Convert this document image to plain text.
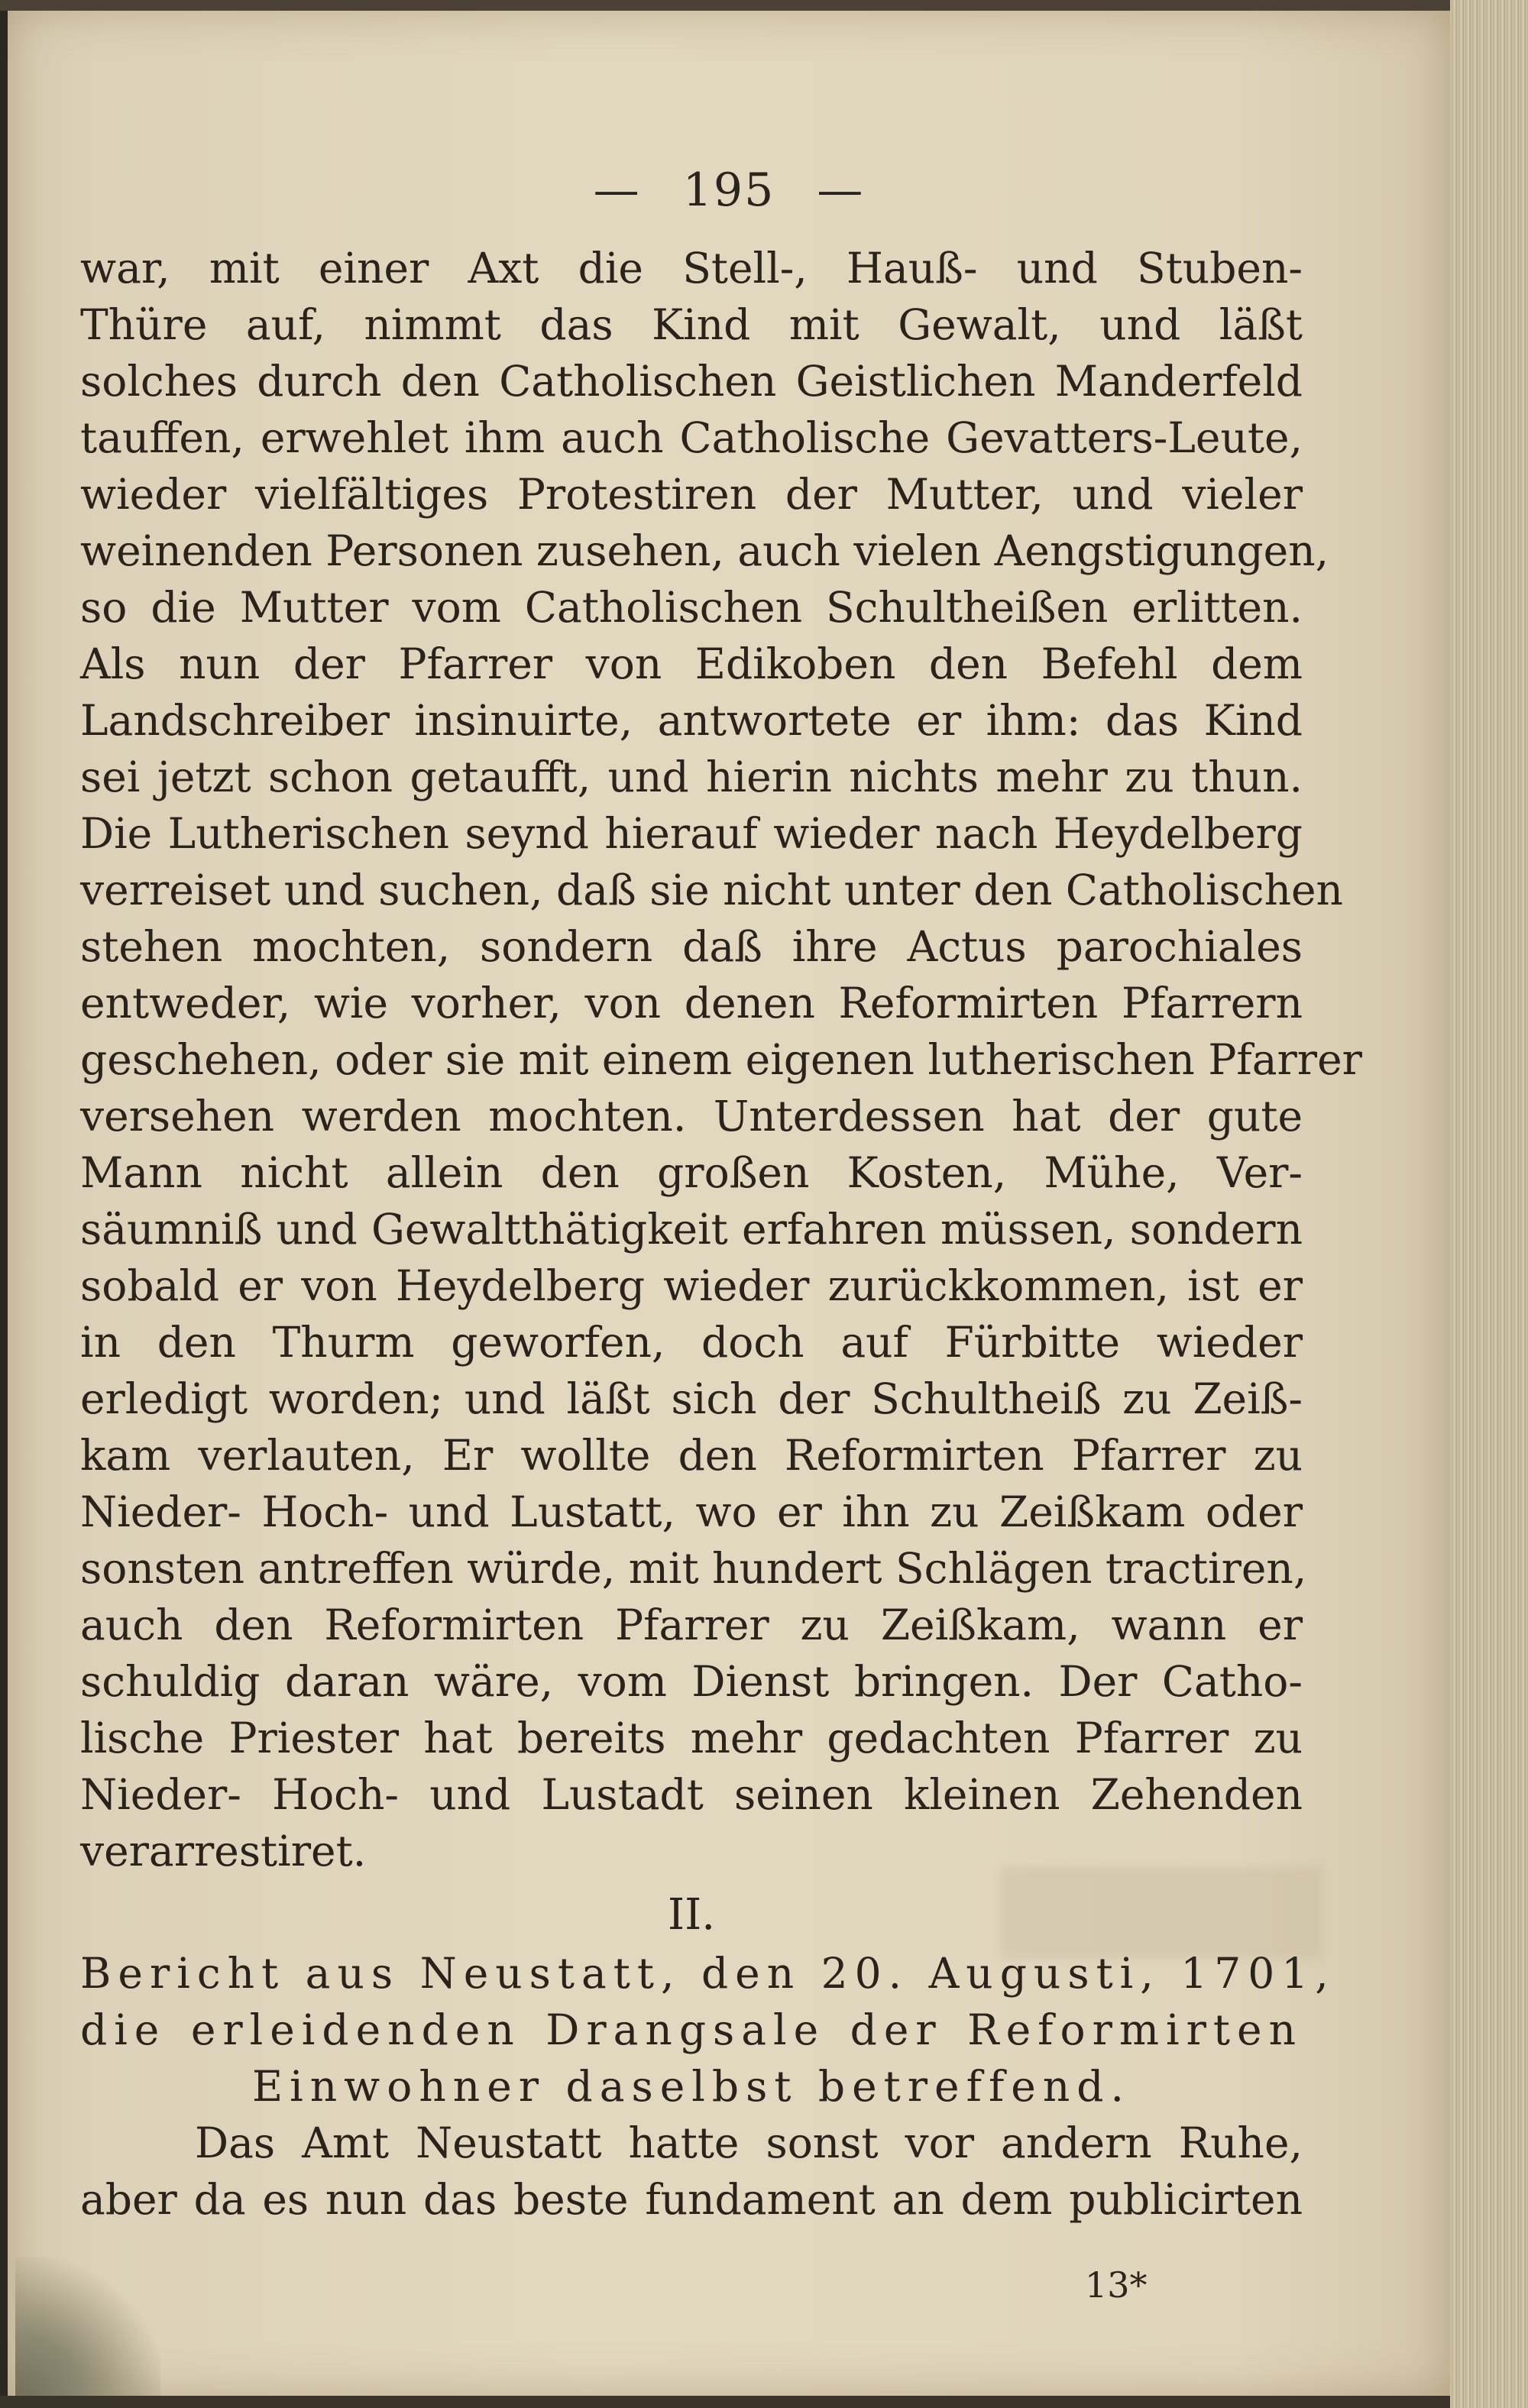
— 195 —
war, mit einer Axt die Stell-, Hauß- und Stuben-
Thüre auf, nimmt das Kind mit Gewalt, und läßt
solches durch den Catholischen Geistlichen Manderfeld
tauffen, erwehlet ihm auch Catholische Gevatters-Leute,
wieder vielfältiges Protestiren der Mutter, und vieler
weinenden Personen zusehen, auch vielen Aengstigungen,
so die Mutter vom Catholischen Schultheißen erlitten.
Als nun der Pfarrer von Edikoben den Befehl dem
Landschreiber insinuirte, antwortete er ihm: das Kind
sei jetzt schon getaufft, und hierin nichts mehr zu thun.
Die Lutherischen seynd hierauf wieder nach Heydelberg
verreiset und suchen, daß sie nicht unter den Catholischen
stehen mochten, sondern daß ihre Actus parochiales
entweder, wie vorher, von denen Reformirten Pfarrern
geschehen, oder sie mit einem eigenen lutherischen Pfarrer
versehen werden mochten. Unterdessen hat der gute
Mann nicht allein den großen Kosten, Mühe, Ver-
säumniß und Gewaltthätigkeit erfahren müssen, sondern
sobald er von Heydelberg wieder zurückkommen, ist er
in den Thurm geworfen, doch auf Fürbitte wieder
erledigt worden; und läßt sich der Schultheiß zu Zeiß-
kam verlauten, Er wollte den Reformirten Pfarrer zu
Nieder- Hoch- und Lustatt, wo er ihn zu Zeißkam oder
sonsten antreffen würde, mit hundert Schlägen tractiren,
auch den Reformirten Pfarrer zu Zeißkam, wann er
schuldig daran wäre, vom Dienst bringen. Der Catho-
lische Priester hat bereits mehr gedachten Pfarrer zu
Nieder- Hoch- und Lustadt seinen kleinen Zehenden
verarrestiret.
II.
Bericht aus Neustatt, den 20. Augusti, 1701,
die erleidenden Drangsale der Reformirten
Einwohner daselbst betreffend.
Das Amt Neustatt hatte sonst vor andern Ruhe,
aber da es nun das beste fundament an dem publicirten
13*
